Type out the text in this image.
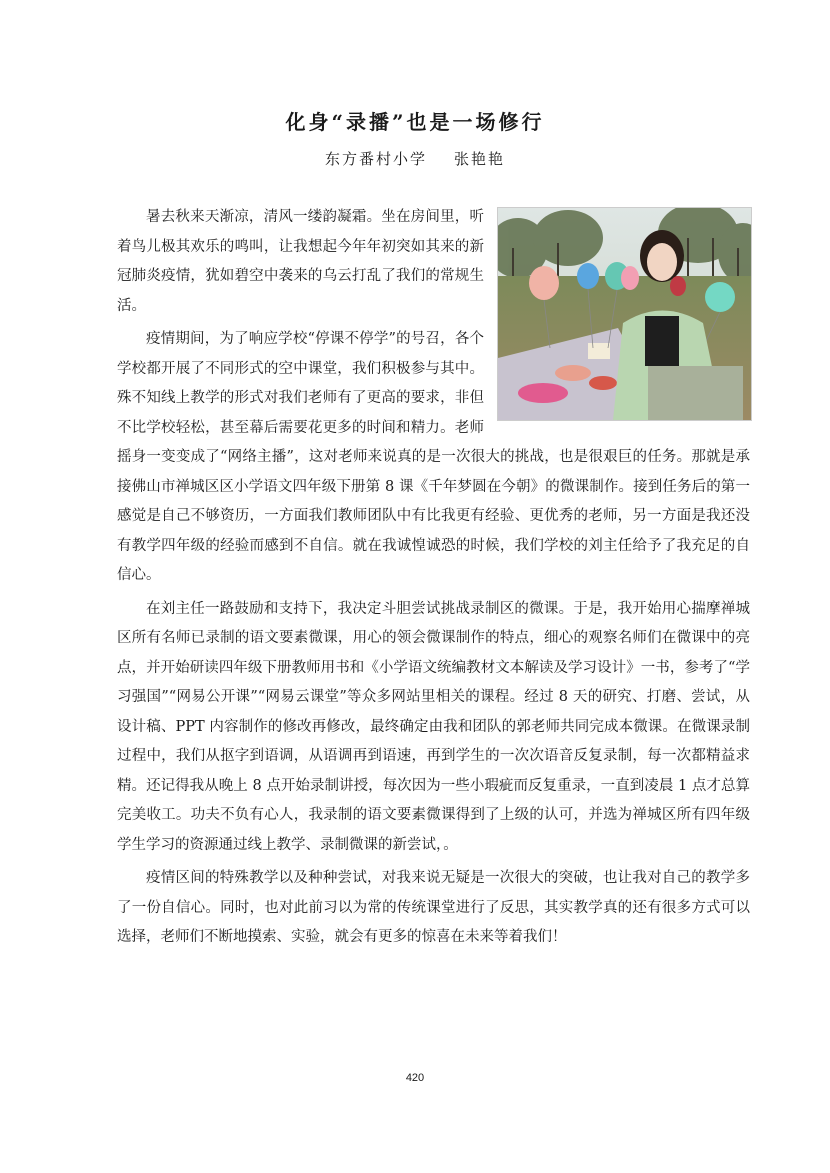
化身“录播”也是一场修行
东方番村小学    张艳艳

暑去秋来天渐凉，清风一缕韵凝霜。坐在房间里，听着鸟儿极其欢乐的鸣叫，让我想起今年年初突如其来的新冠肺炎疫情，犹如碧空中袭来的乌云打乱了我们的常规生活。

疫情期间，为了响应学校“停课不停学”的号召，各个学校都开展了不同形式的空中课堂，我们积极参与其中。殊不知线上教学的形式对我们老师有了更高的要求，非但不比学校轻松，甚至幕后需要花更多的时间和精力。老师摇身一变变成了“网络主播”，这对老师来说真的是一次很大的挑战，也是很艰巨的任务。那就是承接佛山市禅城区区小学语文四年级下册第 8 课《千年梦圆在今朝》的微课制作。接到任务后的第一感觉是自己不够资历，一方面我们教师团队中有比我更有经验、更优秀的老师，另一方面是我还没有教学四年级的经验而感到不自信。就在我诚惶诚恐的时候，我们学校的刘主任给予了我充足的自信心。

在刘主任一路鼓励和支持下，我决定斗胆尝试挑战录制区的微课。于是，我开始用心揣摩禅城区所有名师已录制的语文要素微课，用心的领会微课制作的特点，细心的观察名师们在微课中的亮点，并开始研读四年级下册教师用书和《小学语文统编教材文本解读及学习设计》一书，参考了“学习强国”“网易公开课”“网易云课堂”等众多网站里相关的课程。经过 8 天的研究、打磨、尝试，从设计稿、PPT 内容制作的修改再修改，最终确定由我和团队的郭老师共同完成本微课。在微课录制过程中，我们从抠字到语调，从语调再到语速，再到学生的一次次语音反复录制，每一次都精益求精。还记得我从晚上 8 点开始录制讲授，每次因为一些小瑕疵而反复重录，一直到凌晨 1 点才总算完美收工。功夫不负有心人，我录制的语文要素微课得到了上级的认可，并选为禅城区所有四年级学生学习的资源通过线上教学、录制微课的新尝试，。

疫情区间的特殊教学以及种种尝试，对我来说无疑是一次很大的突破，也让我对自己的教学多了一份自信心。同时，也对此前习以为常的传统课堂进行了反思，其实教学真的还有很多方式可以选择，老师们不断地摸索、实验，就会有更多的惊喜在未来等着我们！

420
